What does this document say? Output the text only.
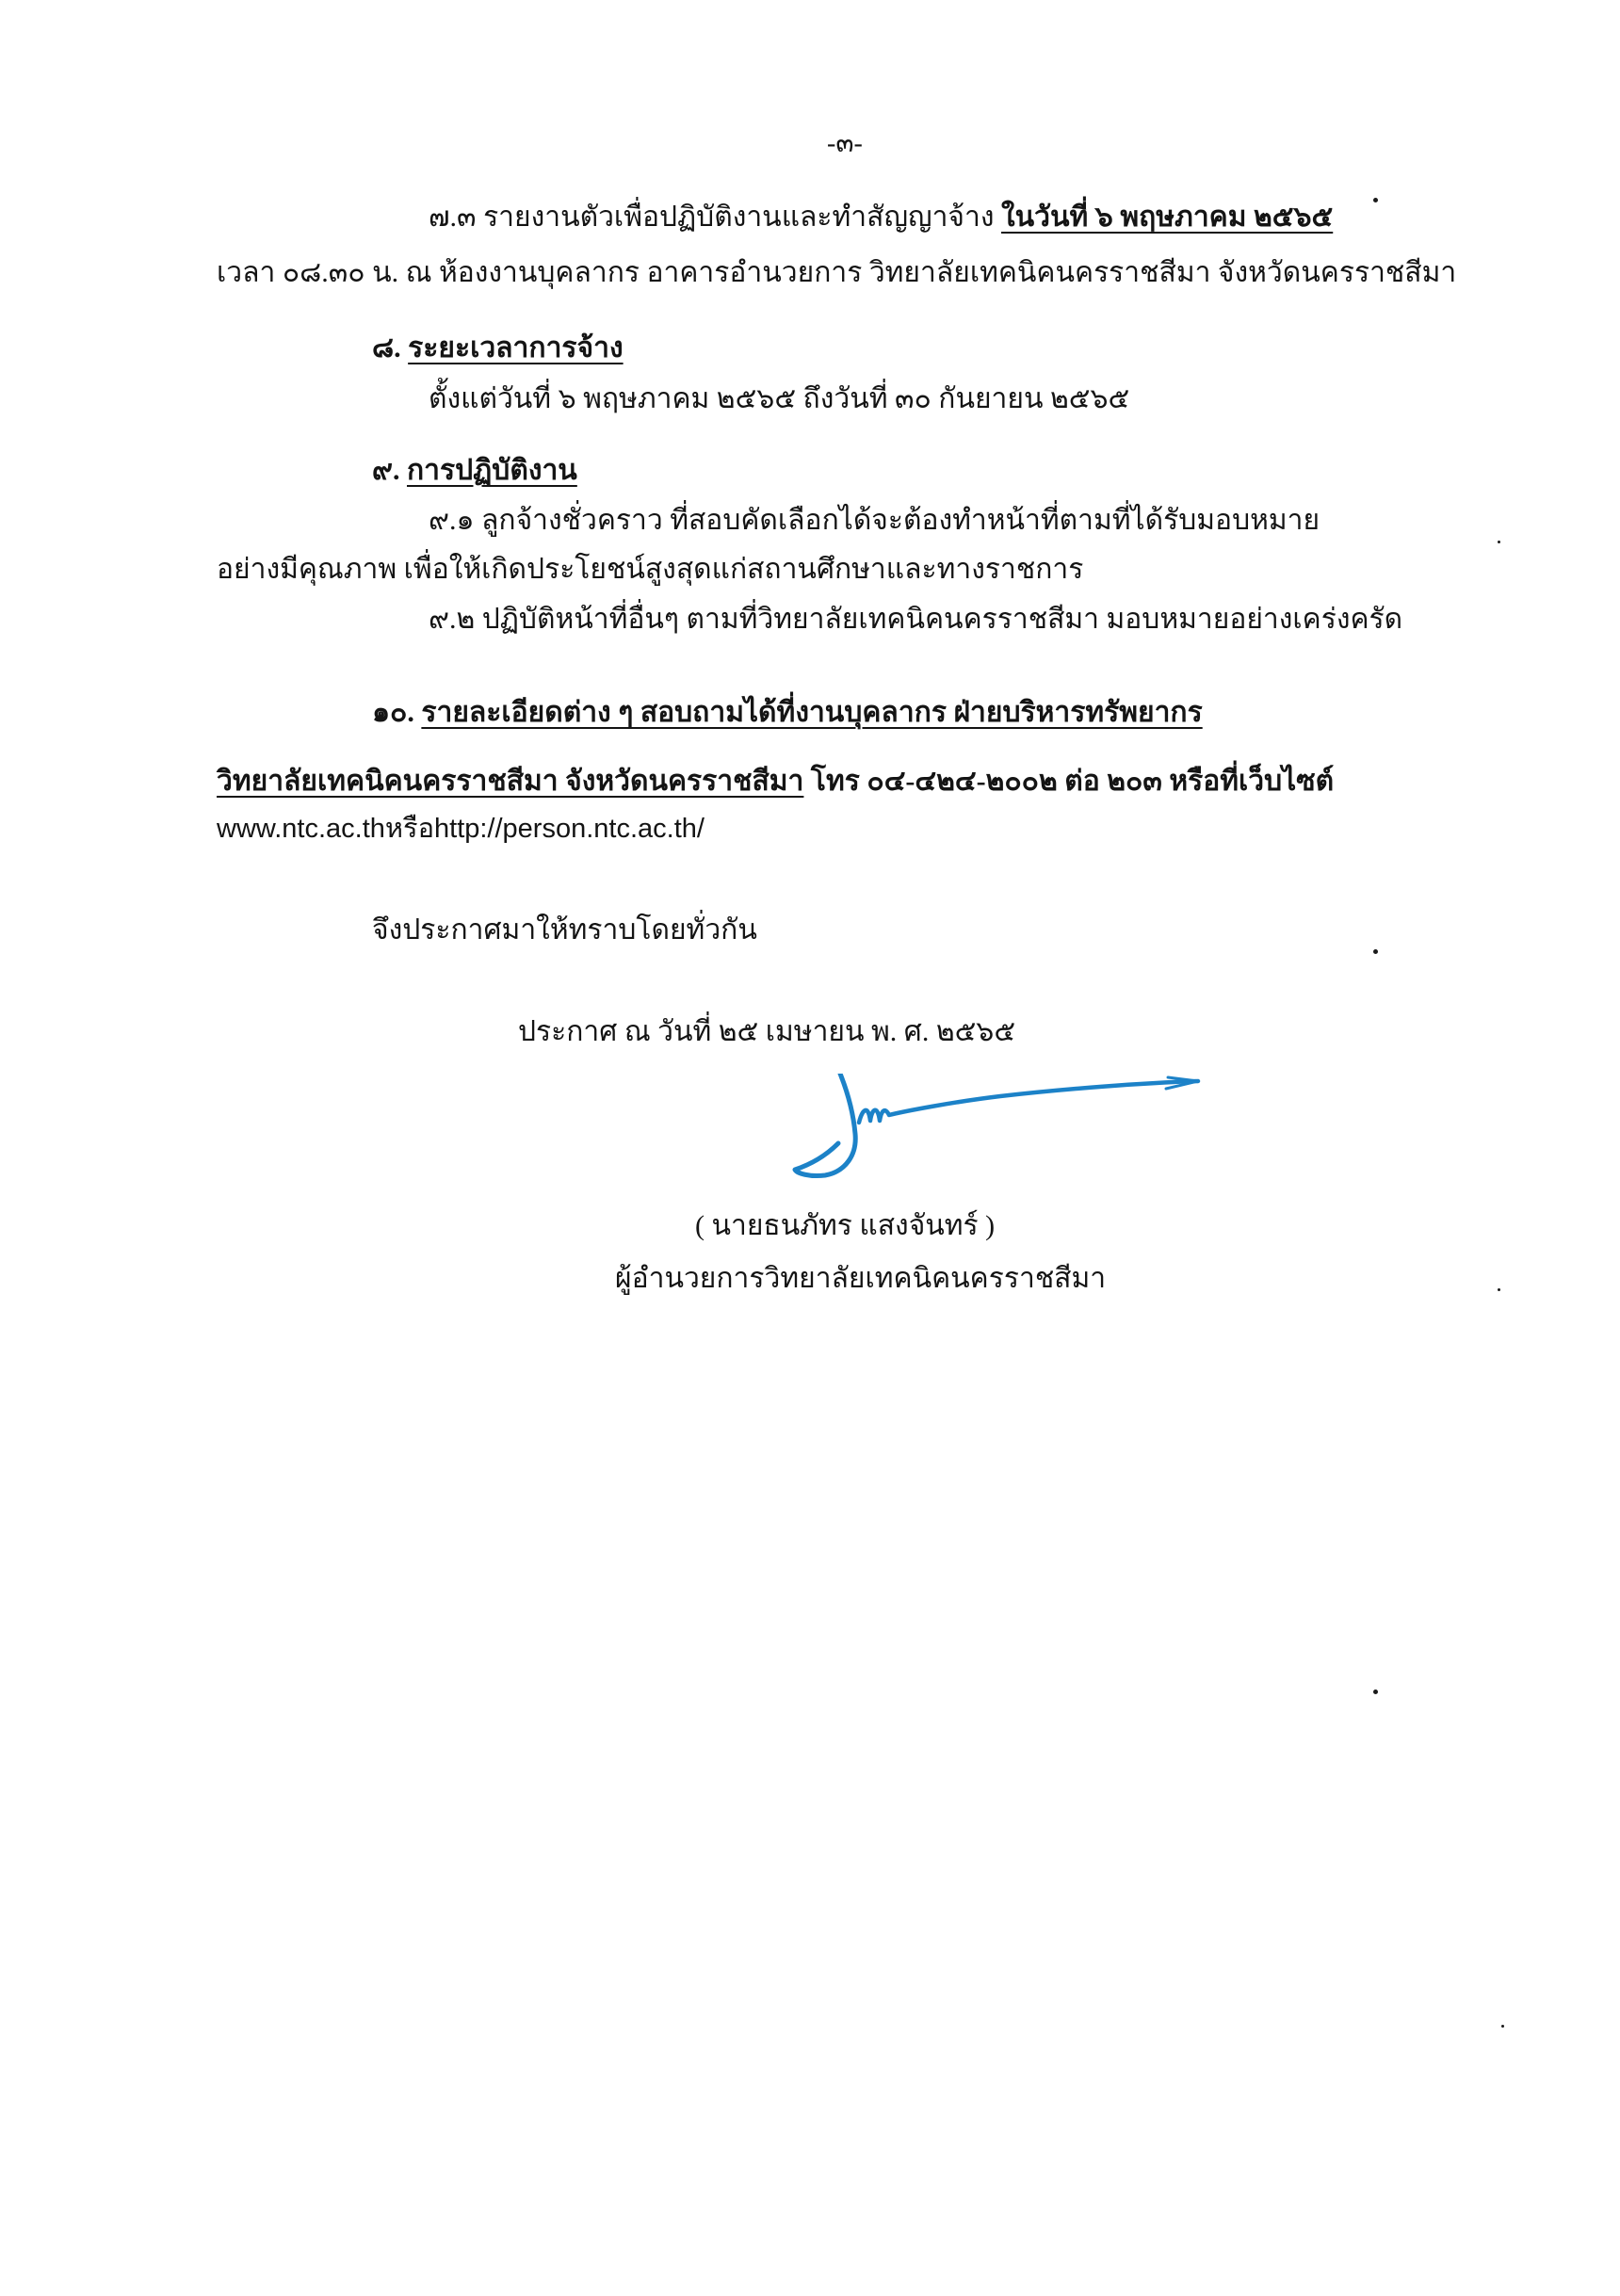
-๓-
๗.๓ รายงานตัวเพื่อปฏิบัติงานและทำสัญญาจ้าง ในวันที่ ๖ พฤษภาคม ๒๕๖๕
เวลา ๐๘.๓๐ น. ณ ห้องงานบุคลากร อาคารอำนวยการ วิทยาลัยเทคนิคนครราชสีมา จังหวัดนครราชสีมา
๘. ระยะเวลาการจ้าง
ตั้งแต่วันที่ ๖ พฤษภาคม ๒๕๖๕ ถึงวันที่ ๓๐ กันยายน ๒๕๖๕
๙. การปฏิบัติงาน
๙.๑ ลูกจ้างชั่วคราว ที่สอบคัดเลือกได้จะต้องทำหน้าที่ตามที่ได้รับมอบหมาย
อย่างมีคุณภาพ เพื่อให้เกิดประโยชน์สูงสุดแก่สถานศึกษาและทางราชการ
๙.๒ ปฏิบัติหน้าที่อื่นๆ ตามที่วิทยาลัยเทคนิคนครราชสีมา มอบหมายอย่างเคร่งครัด
๑๐. รายละเอียดต่าง ๆ สอบถามได้ที่งานบุคลากร ฝ่ายบริหารทรัพยากร
วิทยาลัยเทคนิคนครราชสีมา จังหวัดนครราชสีมา โทร ๐๔-๔๒๔-๒๐๐๒ ต่อ ๒๐๓ หรือที่เว็บไซต์
www.ntc.ac.thหรือhttp://person.ntc.ac.th/
จึงประกาศมาให้ทราบโดยทั่วกัน
ประกาศ ณ วันที่ ๒๕ เมษายน พ. ศ. ๒๕๖๕
( นายธนภัทร แสงจันทร์ )
ผู้อำนวยการวิทยาลัยเทคนิคนครราชสีมา
